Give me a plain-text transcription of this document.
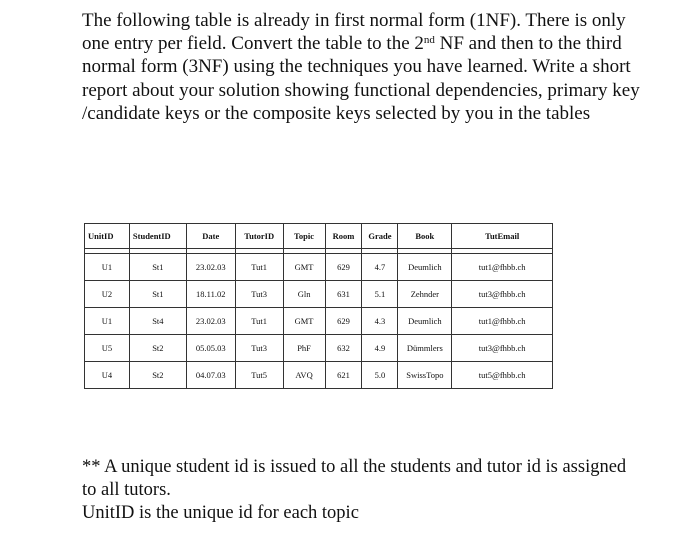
The following table is already in first normal form (1NF). There is only one entry per field. Convert the table to the 2nd NF and then to the third normal form (3NF) using the techniques you have learned. Write a short report about your solution showing functional dependencies, primary key /candidate keys or the composite keys selected by you in the tables
UnitID	StudentID	Date	TutorID	Topic	Room	Grade	Book	TutEmail

U1	St1	23.02.03	Tut1	GMT	629	4.7	Deumlich	tut1@fhbb.ch
U2	St1	18.11.02	Tut3	Gln	631	5.1	Zehnder	tut3@fhbb.ch
U1	St4	23.02.03	Tut1	GMT	629	4.3	Deumlich	tut1@fhbb.ch
U5	St2	05.05.03	Tut3	PhF	632	4.9	Dümmlers	tut3@fhbb.ch
U4	St2	04.07.03	Tut5	AVQ	621	5.0	SwissTopo	tut5@fhbb.ch
** A unique student id is issued to all the students and tutor id is assigned to all tutors.
UnitID is the unique id for each topic
